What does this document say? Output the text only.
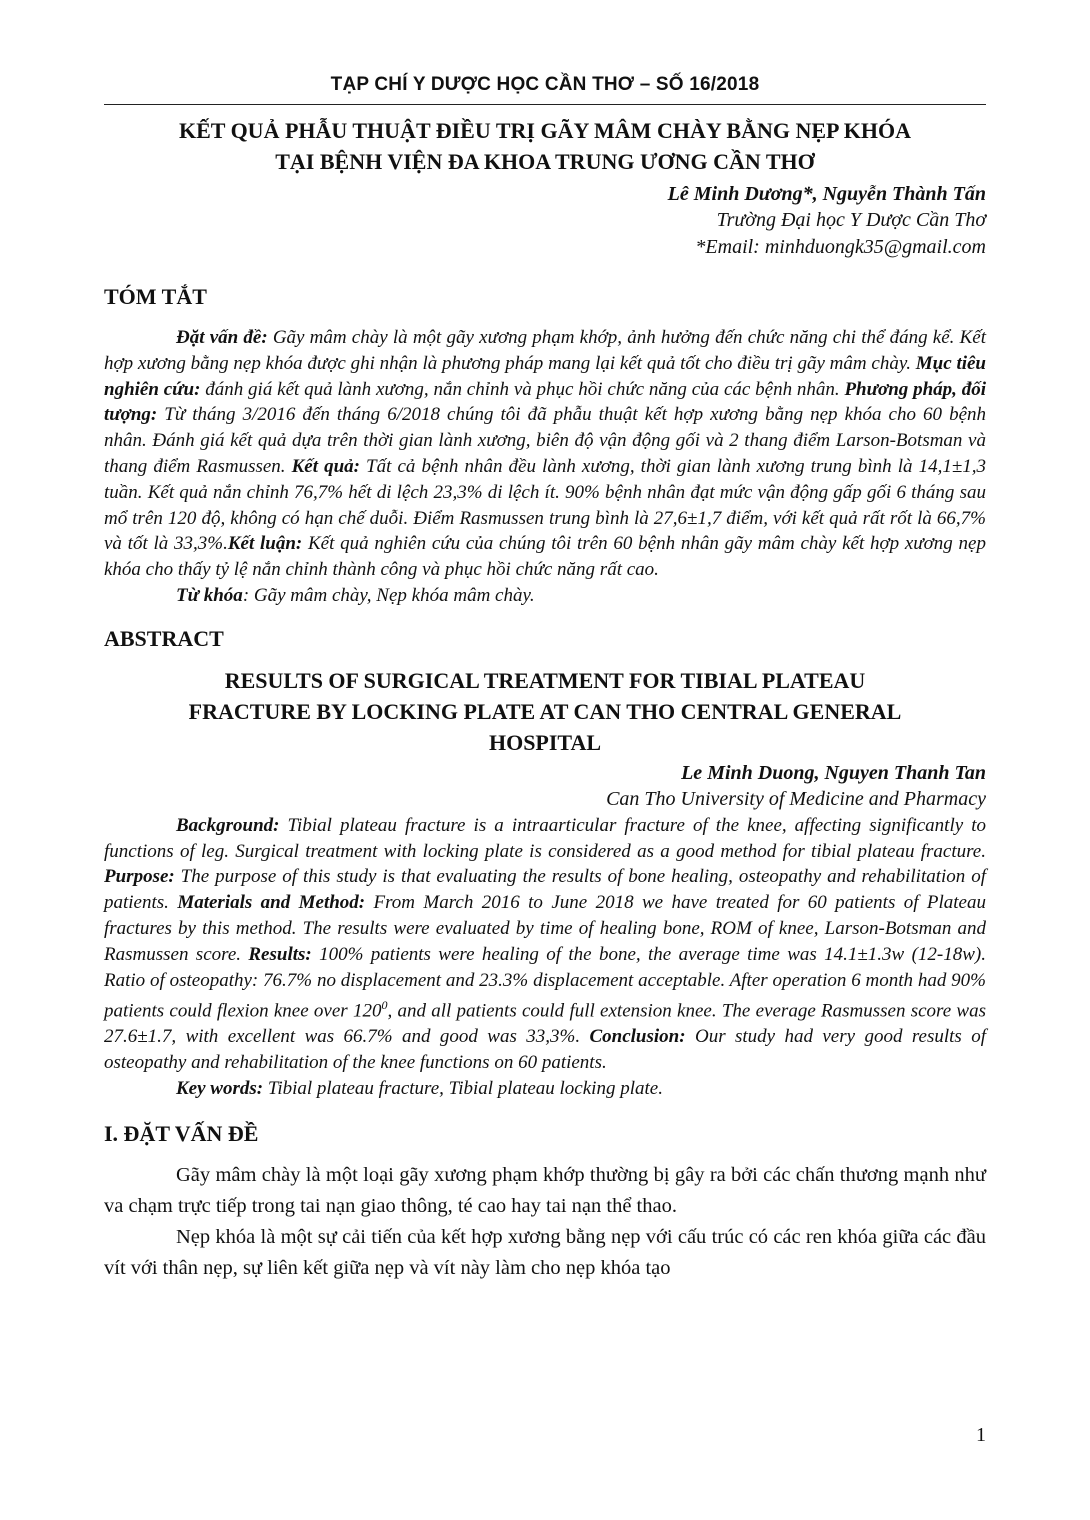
TẠP CHÍ Y DƯỢC HỌC CẦN THƠ – SỐ 16/2018
KẾT QUẢ PHẪU THUẬT ĐIỀU TRỊ GÃY MÂM CHÀY BẰNG NẸP KHÓA
TẠI BỆNH VIỆN ĐA KHOA TRUNG ƯƠNG CẦN THƠ
Lê Minh Dương*, Nguyễn Thành Tấn
Trường Đại học Y Dược Cần Thơ
*Email: minhduongk35@gmail.com
TÓM TẮT

Đặt vấn đề: Gãy mâm chày là một gãy xương phạm khớp, ảnh hưởng đến chức năng chi thể đáng kể. Kết hợp xương bằng nẹp khóa được ghi nhận là phương pháp mang lại kết quả tốt cho điều trị gãy mâm chày. Mục tiêu nghiên cứu: đánh giá kết quả lành xương, nắn chỉnh và phục hồi chức năng của các bệnh nhân. Phương pháp, đối tượng: Từ tháng 3/2016 đến tháng 6/2018 chúng tôi đã phẫu thuật kết hợp xương bằng nẹp khóa cho 60 bệnh nhân. Đánh giá kết quả dựa trên thời gian lành xương, biên độ vận động gối và 2 thang điểm Larson-Botsman và thang điểm Rasmussen. Kết quả: Tất cả bệnh nhân đều lành xương, thời gian lành xương trung bình là 14,1±1,3 tuần. Kết quả nắn chỉnh 76,7% hết di lệch 23,3% di lệch ít. 90% bệnh nhân đạt mức vận động gấp gối 6 tháng sau mổ trên 120 độ, không có hạn chế duỗi. Điểm Rasmussen trung bình là 27,6±1,7 điểm, với kết quả rất rốt là 66,7% và tốt là 33,3%.Kết luận: Kết quả nghiên cứu của chúng tôi trên 60 bệnh nhân gãy mâm chày kết hợp xương nẹp khóa cho thấy tỷ lệ nắn chỉnh thành công và phục hồi chức năng rất cao.

Từ khóa: Gãy mâm chày, Nẹp khóa mâm chày.

ABSTRACT
RESULTS OF SURGICAL TREATMENT FOR TIBIAL PLATEAU
FRACTURE BY LOCKING PLATE AT CAN THO CENTRAL GENERAL
HOSPITAL
Le Minh Duong, Nguyen Thanh Tan
Can Tho University of Medicine and Pharmacy

Background: Tibial plateau fracture is a intraarticular fracture of the knee, affecting significantly to functions of leg. Surgical treatment with locking plate is considered as a good method for tibial plateau fracture. Purpose: The purpose of this study is that evaluating the results of bone healing, osteopathy and rehabilitation of patients. Materials and Method: From March 2016 to June 2018 we have treated for 60 patients of Plateau fractures by this method. The results were evaluated by time of healing bone, ROM of knee, Larson-Botsman and Rasmussen score. Results: 100% patients were healing of the bone, the average time was 14.1±1.3w (12-18w). Ratio of osteopathy: 76.7% no displacement and 23.3% displacement acceptable. After operation 6 month had 90% patients could flexion knee over $120^0$, and all patients could full extension knee. The everage Rasmussen score was 27.6±1.7, with excellent was 66.7% and good was 33,3%. Conclusion: Our study had very good results of osteopathy and rehabilitation of the knee functions on 60 patients.

Key words: Tibial plateau fracture, Tibial plateau locking plate.

I. ĐẶT VẤN ĐỀ

Gãy mâm chày là một loại gãy xương phạm khớp thường bị gây ra bởi các chấn thương mạnh như va chạm trực tiếp trong tai nạn giao thông, té cao hay tai nạn thể thao.

Nẹp khóa là một sự cải tiến của kết hợp xương bằng nẹp với cấu trúc có các ren khóa giữa các đầu vít với thân nẹp, sự liên kết giữa nẹp và vít này làm cho nẹp khóa tạo

1
